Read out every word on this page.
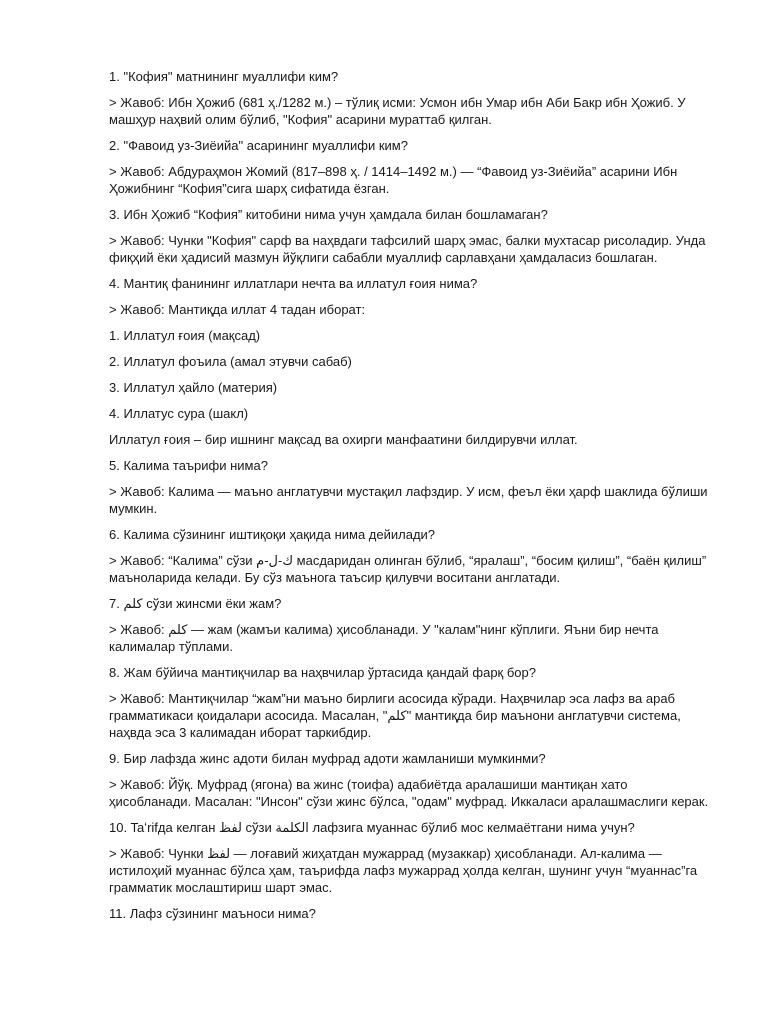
1. "Кофия" матнининг муаллифи ким?

> Жавоб: Ибн Ҳожиб (681 ҳ./1282 м.) – тўлиқ исми: Усмон ибн Умар ибн Аби Бакр ибн Ҳожиб. У машҳур наҳвий олим бўлиб, "Кофия" асарини мураттаб қилган.

2. "Фавоид уз-Зиёийа" асарининг муаллифи ким?

> Жавоб: Абдураҳмон Жомий (817–898 ҳ. / 1414–1492 м.) — “Фавоид уз-Зиёийа” асарини Ибн Ҳожибнинг “Кофия”сига шарҳ сифатида ёзган.

3. Ибн Ҳожиб “Кофия” китобини нима учун ҳамдала билан бошламаган?

> Жавоб: Чунки "Кофия" сарф ва наҳвдаги тафсилий шарҳ эмас, балки мухтасар рисоладир. Унда фиқҳий ёки ҳадисий мазмун йўқлиги сабабли муаллиф сарлавҳани ҳамдаласиз бошлаган.

4. Мантиқ фанининг иллатлари нечта ва иллатул ғоия нима?

> Жавоб: Мантиқда иллат 4 тадан иборат:

1. Иллатул ғоия (мақсад)

2. Иллатул фоъила (амал этувчи сабаб)

3. Иллатул ҳайло (материя)

4. Иллатус сура (шакл)

Иллатул ғоия – бир ишнинг мақсад ва охирги манфаатини билдирувчи иллат.

5. Калима таърифи нима?

> Жавоб: Калима — маъно англатувчи мустақил лафздир. У исм, феъл ёки ҳарф шаклида бўлиши мумкин.

6. Калима сўзининг иштиқоқи ҳақида нима дейилади?

> Жавоб: “Калима” сўзи ك-ل-م масдаридан олинган бўлиб, “яралаш”, “босим қилиш”, “баён қилиш” маъноларида келади. Бу сўз маънога таъсир қилувчи воситани англатади.

7. كلم сўзи жинсми ёки жам?

> Жавоб: كلم — жам (жамъи калима) ҳисобланади. У "калам"нинг кўплиги. Яъни бир нечта калималар тўплами.

8. Жам бўйича мантиқчилар ва наҳвчилар ўртасида қандай фарқ бор?

> Жавоб: Мантиқчилар “жам”ни маъно бирлиги асосида кўради. Наҳвчилар эса лафз ва араб грамматикаси қоидалари асосида. Масалан, "كلم" мантиқда бир маънони англатувчи система, наҳвда эса 3 калимадан иборат таркибдир.

9. Бир лафзда жинс адоти билан муфрад адоти жамланиши мумкинми?

> Жавоб: Йўқ. Муфрад (ягона) ва жинс (тоифа) адабиётда аралашиши мантиқан хато ҳисобланади. Масалан: "Инсон" сўзи жинс бўлса, "одам" муфрад. Иккаласи аралашмаслиги керак.

10. Taʻrifда келган لفظ сўзи الكلمة лафзига муаннас бўлиб мос келмаётгани нима учун?

> Жавоб: Чунки لفظ — лоғавий жиҳатдан мужаррад (музаккар) ҳисобланади. Ал-калима — истилоҳий муаннас бўлса ҳам, таърифда лафз мужаррад ҳолда келган, шунинг учун “муаннас”га грамматик мослаштириш шарт эмас.

11. Лафз сўзининг маъноси нима?
